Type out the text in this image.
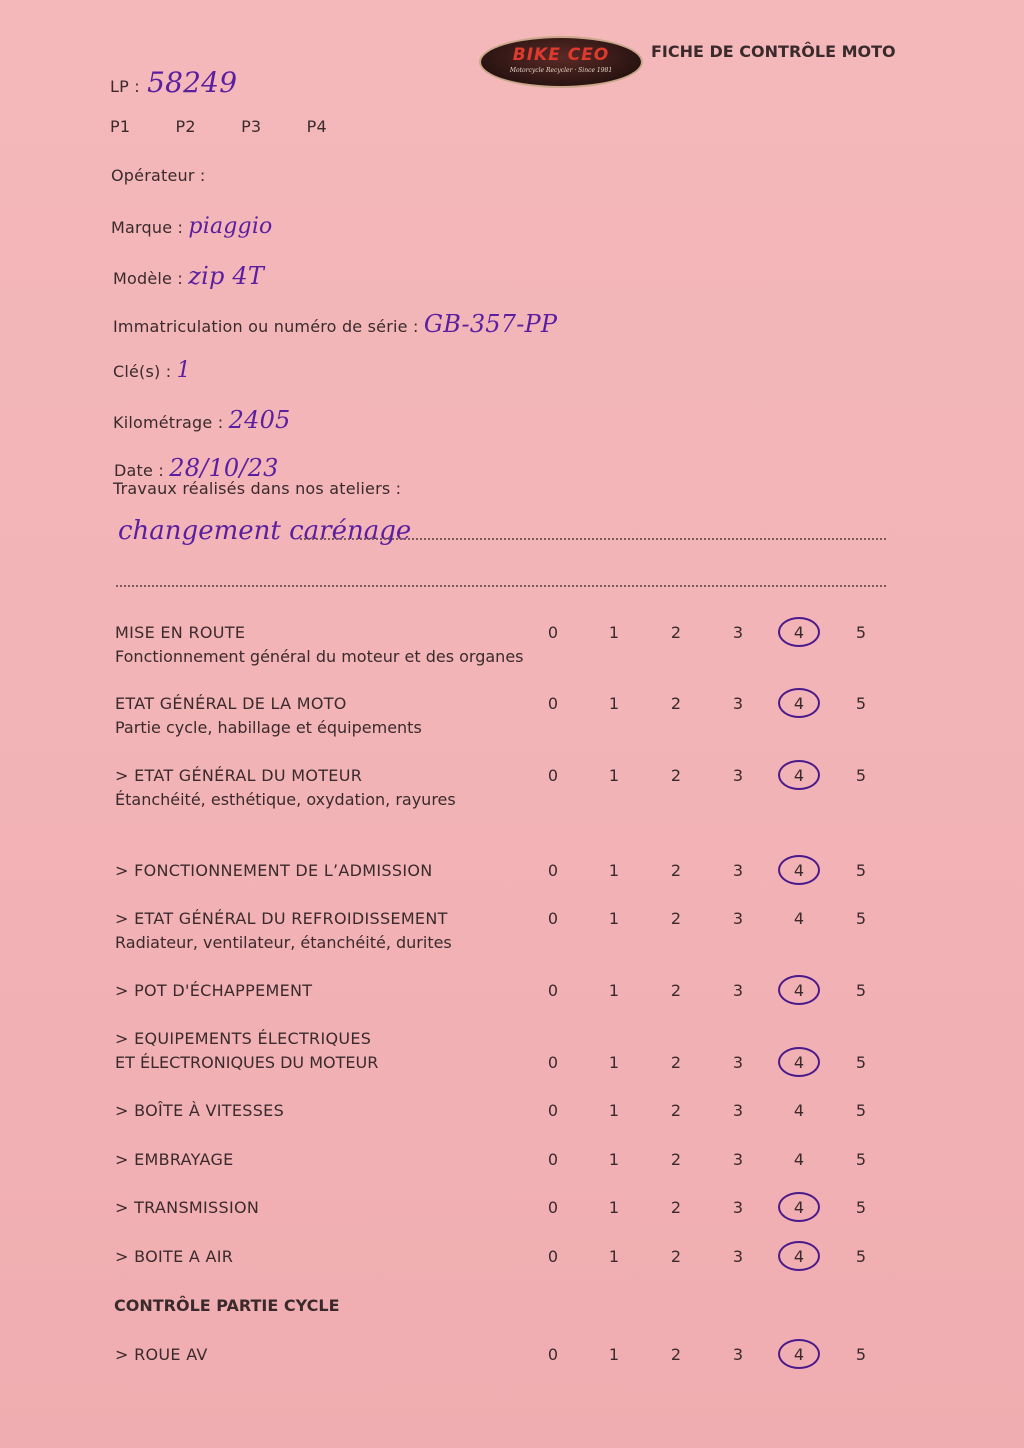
LP : 58249
BIKE CEO
Motorcycle Recycler · Since 1981
FICHE DE CONTRÔLE MOTO
P1	P2	P3	P4
Opérateur :
Marque : piaggio
Modèle : zip 4T
Immatriculation ou numéro de série : GB-357-PP
Clé(s) : 1
Kilométrage : 2405
Date : 28/10/23
Travaux réalisés dans nos ateliers :
changement carénage
MISE EN ROUTE
Fonctionnement général du moteur et des organes
0	1	2	3	4	5
ETAT GÉNÉRAL DE LA MOTO
Partie cycle, habillage et équipements
0	1	2	3	4	5
> ETAT GÉNÉRAL DU MOTEUR
Étanchéité, esthétique, oxydation, rayures
0	1	2	3	4	5
> FONCTIONNEMENT DE L’ADMISSION	0	1	2	3	4	5
> ETAT GÉNÉRAL DU REFROIDISSEMENT
Radiateur, ventilateur, étanchéité, durites
0	1	2	3	4	5
> POT D'ÉCHAPPEMENT	0	1	2	3	4	5
> EQUIPEMENTS ÉLECTRIQUES
ET ÉLECTRONIQUES DU MOTEUR	0	1	2	3	4	5
> BOÎTE À VITESSES	0	1	2	3	4	5
> EMBRAYAGE	0	1	2	3	4	5
> TRANSMISSION	0	1	2	3	4	5
> BOITE A AIR	0	1	2	3	4	5
> ROUE AV	0	1	2	3	4	5
CONTRÔLE PARTIE CYCLE
